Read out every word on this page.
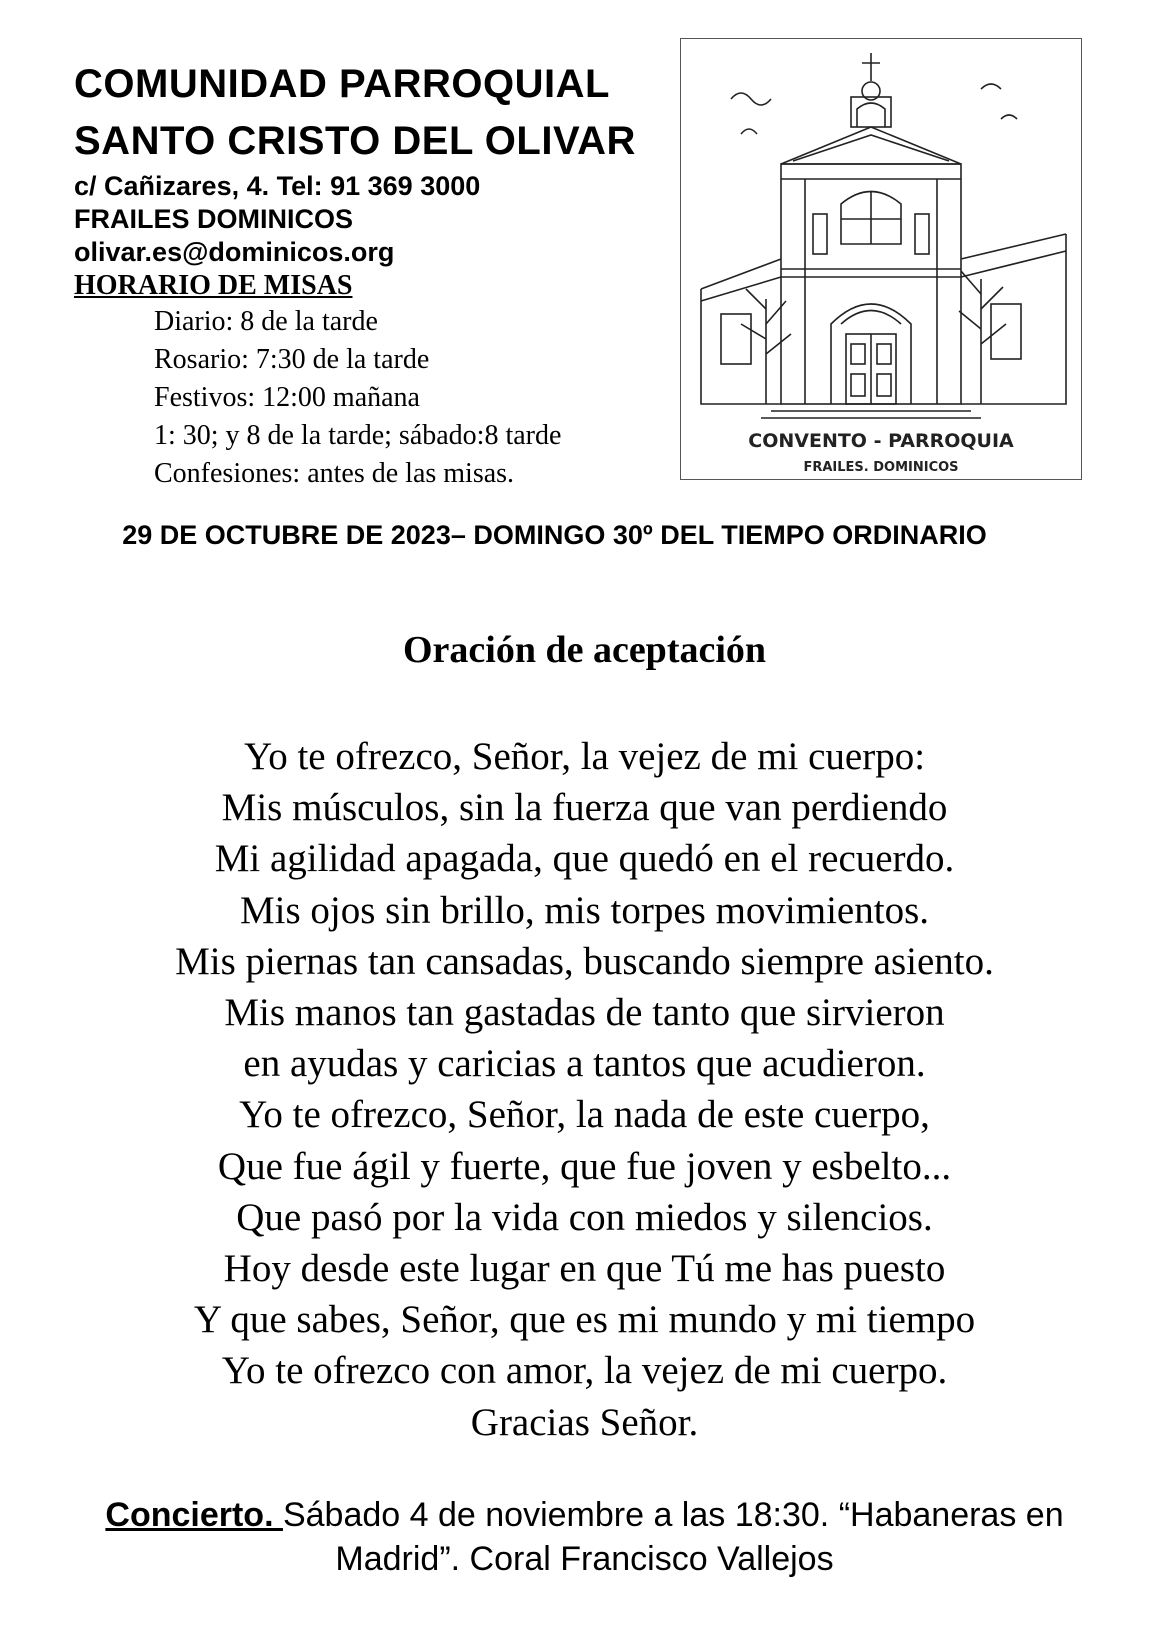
COMUNIDAD PARROQUIAL

SANTO CRISTO DEL OLIVAR

c/ Cañizares, 4. Tel: 91 369 3000

FRAILES DOMINICOS

olivar.es@dominicos.org

HORARIO DE MISAS

Diario: 8 de la tarde

Rosario: 7:30 de la tarde

Festivos: 12:00 mañana

1: 30; y 8 de la tarde; sábado:8 tarde

Confesiones: antes de las misas.

CONVENTO - PARROQUIA
FRAILES. DOMINICOS

29 DE OCTUBRE DE 2023– DOMINGO 30º DEL TIEMPO ORDINARIO

Oración de aceptación

Yo te ofrezco, Señor, la vejez de mi cuerpo:

Mis músculos, sin la fuerza que van perdiendo

Mi agilidad apagada, que quedó en el recuerdo.

Mis ojos sin brillo, mis torpes movimientos.

Mis piernas tan cansadas, buscando siempre asiento.

Mis manos tan gastadas de tanto que sirvieron

en ayudas y caricias a tantos que acudieron.

Yo te ofrezco, Señor, la nada de este cuerpo,

Que fue ágil y fuerte, que fue joven y esbelto...

Que pasó por la vida con miedos y silencios.

Hoy desde este lugar en que Tú me has puesto

Y que sabes, Señor, que es mi mundo y mi tiempo

Yo te ofrezco con amor, la vejez de mi cuerpo.

Gracias Señor.

Concierto. Sábado 4 de noviembre a las 18:30. “Habaneras en Madrid”. Coral Francisco Vallejos
